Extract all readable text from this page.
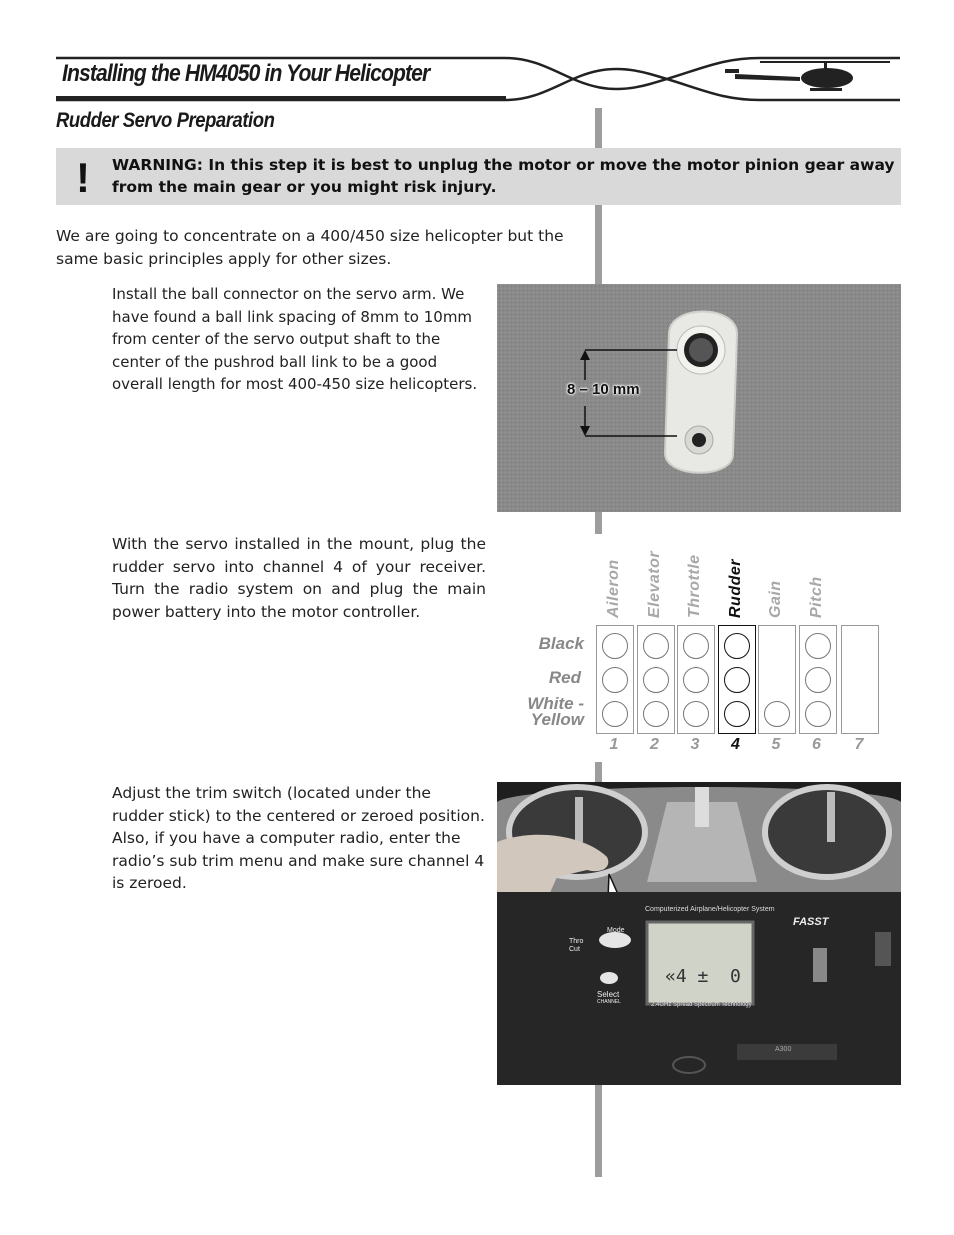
Installing the HM4050 in Your Helicopter
Rudder Servo Preparation
! WARNING: In this step it is best to unplug the motor or move the motor pinion gear away from the main gear or you might risk injury.
We are going to concentrate on a 400/450 size helicopter but the same basic principles apply for other sizes.
Install the ball connector on the servo arm. We have found a ball link spacing of 8mm to 10mm from center of the servo output shaft to the center of the pushrod ball link to be a good overall length for most 400-450 size helicopters.	8 – 10 mm
With the servo installed in the mount, plug the rudder servo into channel 4 of your receiver. Turn the radio system on and plug the main power battery into the motor controller.
Black
Red
White -
Yellow
Aileron
1
Elevator
2
Throttle
3
Rudder
4
Gain
5
Pitch
6	7
Adjust the trim switch (located under the rudder stick) to the centered or zeroed position. Also, if you have a computer radio, enter the radio’s sub trim menu and make sure channel 4 is zeroed.
Computerized Airplane/Helicopter System
FASST
Mode
Thro Cut
Select
CHANNEL
«4 ±  0
2.4GHz Spread Spectrum Technology
A300
